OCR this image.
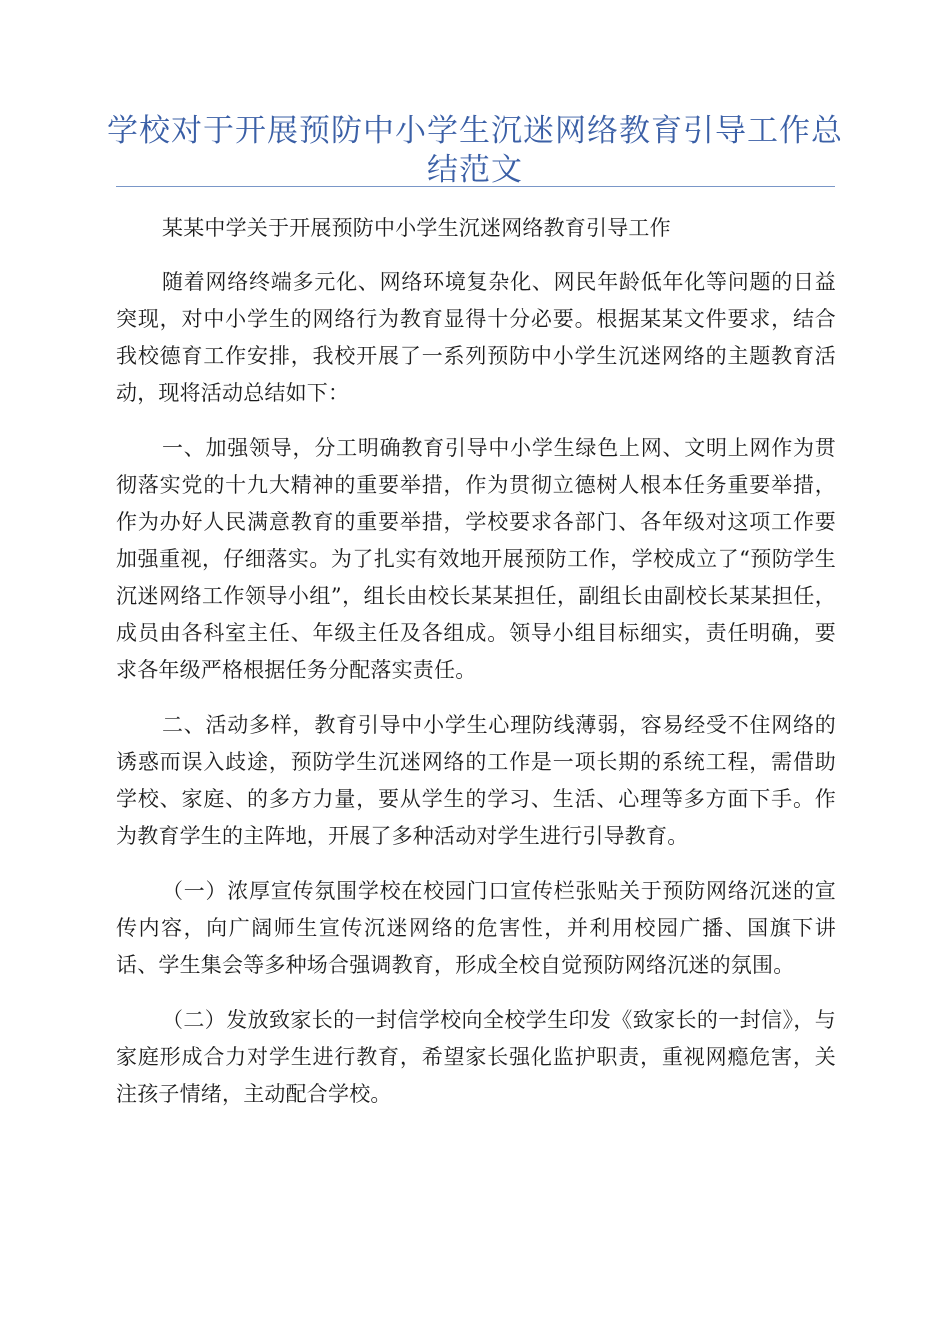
学校对于开展预防中小学生沉迷网络教育引导工作总结范文

某某中学关于开展预防中小学生沉迷网络教育引导工作

随着网络终端多元化、网络环境复杂化、网民年龄低年化等问题的日益突现，对中小学生的网络行为教育显得十分必要。根据某某文件要求，结合我校德育工作安排，我校开展了一系列预防中小学生沉迷网络的主题教育活动，现将活动总结如下：

一、加强领导，分工明确教育引导中小学生绿色上网、文明上网作为贯彻落实党的十九大精神的重要举措，作为贯彻立德树人根本任务重要举措，作为办好人民满意教育的重要举措，学校要求各部门、各年级对这项工作要加强重视，仔细落实。为了扎实有效地开展预防工作，学校成立了“预防学生沉迷网络工作领导小组”，组长由校长某某担任，副组长由副校长某某担任，成员由各科室主任、年级主任及各组成。领导小组目标细实，责任明确，要求各年级严格根据任务分配落实责任。

二、活动多样，教育引导中小学生心理防线薄弱，容易经受不住网络的诱惑而误入歧途，预防学生沉迷网络的工作是一项长期的系统工程，需借助学校、家庭、的多方力量，要从学生的学习、生活、心理等多方面下手。作为教育学生的主阵地，开展了多种活动对学生进行引导教育。

（一）浓厚宣传氛围学校在校园门口宣传栏张贴关于预防网络沉迷的宣传内容，向广阔师生宣传沉迷网络的危害性，并利用校园广播、国旗下讲话、学生集会等多种场合强调教育，形成全校自觉预防网络沉迷的氛围。

（二）发放致家长的一封信学校向全校学生印发《致家长的一封信》，与家庭形成合力对学生进行教育，希望家长强化监护职责，重视网瘾危害，关注孩子情绪，主动配合学校。
